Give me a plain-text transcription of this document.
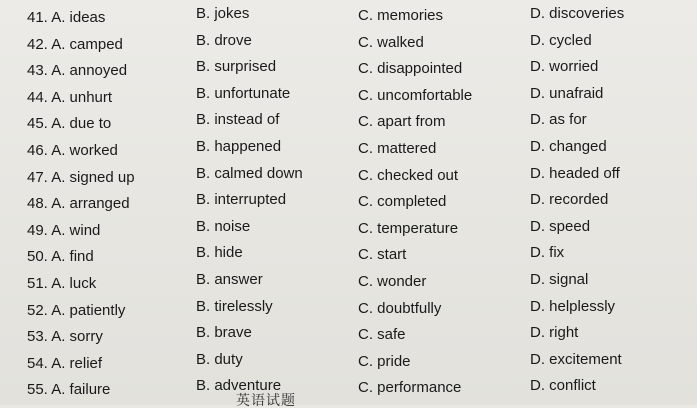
41. A. ideas	B. jokes	C. memories	D. discoveries
42. A. camped	B. drove	C. walked	D. cycled
43. A. annoyed	B. surprised	C. disappointed	D. worried
44. A. unhurt	B. unfortunate	C. uncomfortable	D. unafraid
45. A. due to	B. instead of	C. apart from	D. as for
46. A. worked	B. happened	C. mattered	D. changed
47. A. signed up	B. calmed down	C. checked out	D. headed off
48. A. arranged	B. interrupted	C. completed	D. recorded
49. A. wind	B. noise	C. temperature	D. speed
50. A. find	B. hide	C. start	D. fix
51. A. luck	B. answer	C. wonder	D. signal
52. A. patiently	B. tirelessly	C. doubtfully	D. helplessly
53. A. sorry	B. brave	C. safe	D. right
54. A. relief	B. duty	C. pride	D. excitement
55. A. failure	B. adventure	C. performance	D. conflict
英语试题
